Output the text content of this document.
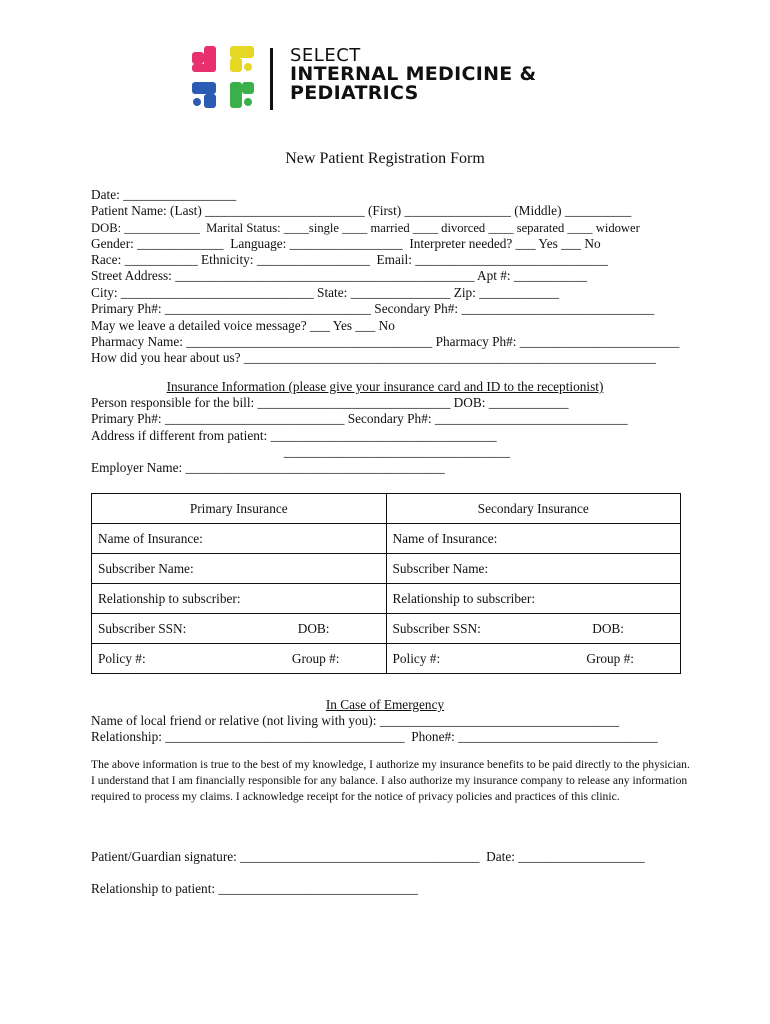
SELECT
INTERNAL MEDICINE &
PEDIATRICS
New Patient Registration Form
Date: _________________
Patient Name: (Last) ________________________ (First) ________________ (Middle) __________
DOB: ____________  Marital Status: ____single ____ married ____ divorced ____ separated ____ widower
Gender: _____________  Language: _________________  Interpreter needed? ___ Yes ___ No
Race: ___________ Ethnicity: _________________  Email: _____________________________
Street Address: _____________________________________________ Apt #: ___________
City: _____________________________ State: _______________ Zip: ____________
Primary Ph#: _______________________________ Secondary Ph#: _____________________________
May we leave a detailed voice message? ___ Yes ___ No
Pharmacy Name: _____________________________________ Pharmacy Ph#: ________________________
How did you hear about us? ______________________________________________________________
Insurance Information (please give your insurance card and ID to the receptionist)
Person responsible for the bill: _____________________________ DOB: ____________
Primary Ph#: ___________________________ Secondary Ph#: _____________________________
Address if different from patient: __________________________________
__________________________________
Employer Name: _______________________________________
Primary Insurance	Secondary Insurance
Name of Insurance:	Name of Insurance:
Subscriber Name:	Subscriber Name:
Relationship to subscriber:	Relationship to subscriber:

Subscriber SSN: DOB:	Subscriber SSN: DOB:

Policy #: Group #:	Policy #: Group #:
In Case of Emergency
Name of local friend or relative (not living with you): ____________________________________
Relationship: ____________________________________  Phone#: ______________________________
The above information is true to the best of my knowledge, I authorize my insurance benefits to be paid directly to the physician. I understand that I am financially responsible for any balance. I also authorize my insurance company to release any information required to process my claims. I acknowledge receipt for the notice of privacy policies and practices of this clinic.
Patient/Guardian signature: ____________________________________  Date: ___________________
Relationship to patient: ______________________________
